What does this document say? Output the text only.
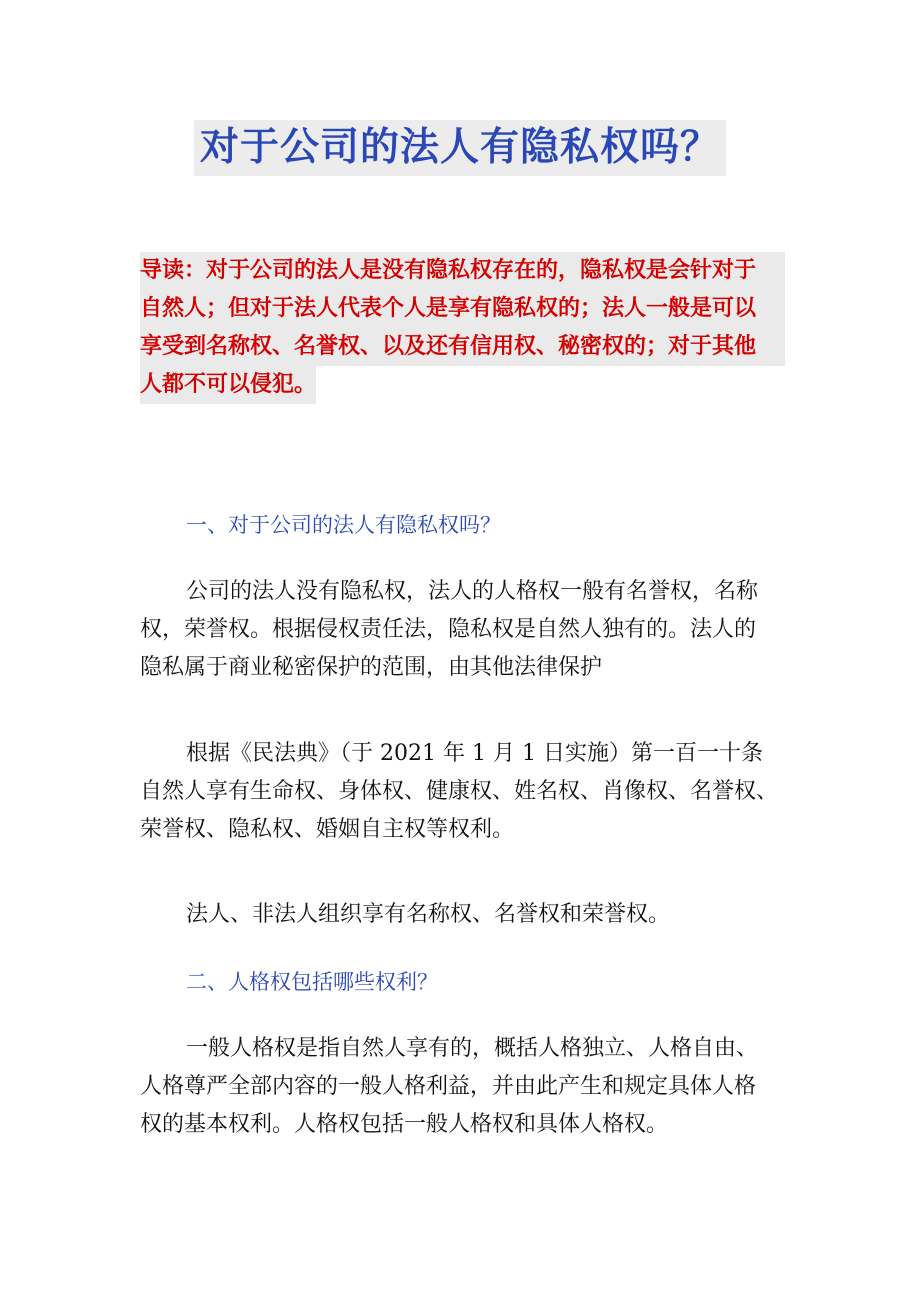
对于公司的法人有隐私权吗？
导读：对于公司的法人是没有隐私权存在的，隐私权是会针对于
自然人；但对于法人代表个人是享有隐私权的；法人一般是可以
享受到名称权、名誉权、以及还有信用权、秘密权的；对于其他
人都不可以侵犯。
一、对于公司的法人有隐私权吗？
公司的法人没有隐私权，法人的人格权一般有名誉权，名称
权，荣誉权。根据侵权责任法，隐私权是自然人独有的。法人的
隐私属于商业秘密保护的范围，由其他法律保护
根据《民法典》（于 2021 年 1 月 1 日实施）第一百一十条
自然人享有生命权、身体权、健康权、姓名权、肖像权、名誉权、
荣誉权、隐私权、婚姻自主权等权利。
法人、非法人组织享有名称权、名誉权和荣誉权。
二、人格权包括哪些权利？
一般人格权是指自然人享有的，概括人格独立、人格自由、
人格尊严全部内容的一般人格利益，并由此产生和规定具体人格
权的基本权利。人格权包括一般人格权和具体人格权。
